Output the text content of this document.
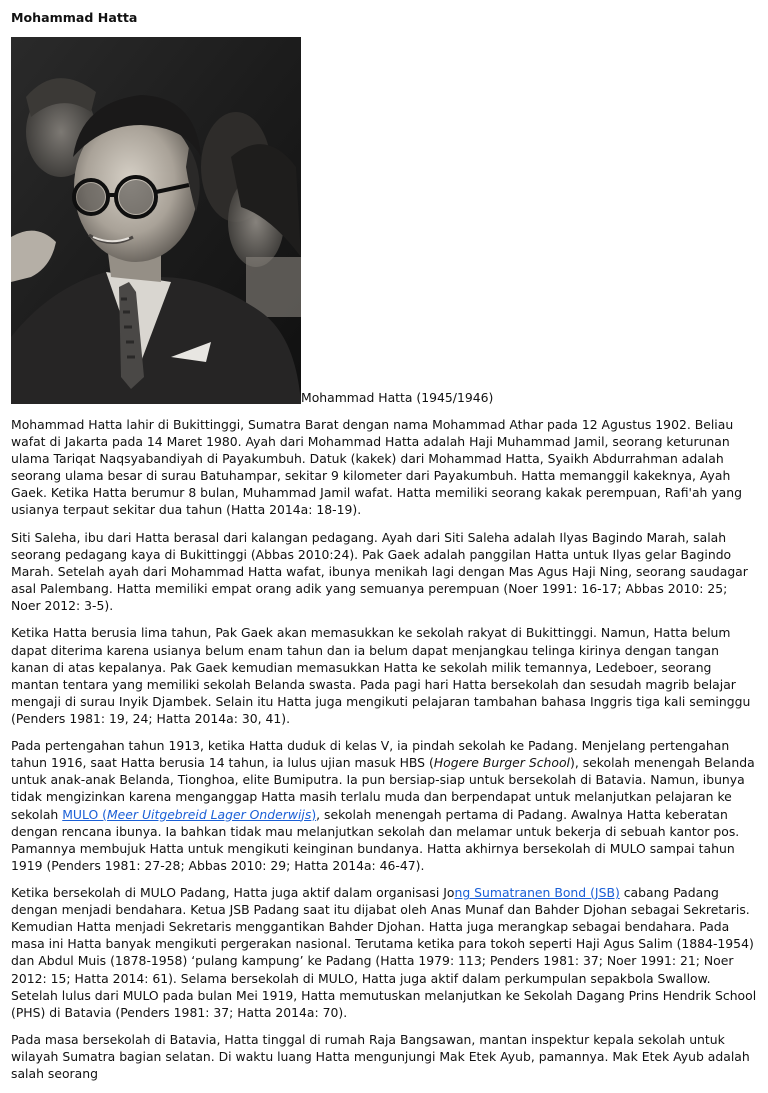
Mohammad Hatta
Mohammad Hatta (1945/1946)

Mohammad Hatta lahir di Bukittinggi, Sumatra Barat dengan nama Mohammad Athar pada 12 Agustus 1902. Beliau wafat di Jakarta pada 14 Maret 1980. Ayah dari Mohammad Hatta adalah Haji Muhammad Jamil, seorang keturunan ulama Tariqat Naqsyabandiyah di Payakumbuh. Datuk (kakek) dari Mohammad Hatta, Syaikh Abdurrahman adalah seorang ulama besar di surau Batuhampar, sekitar 9 kilometer dari Payakumbuh. Hatta memanggil kakeknya, Ayah Gaek. Ketika Hatta berumur 8 bulan, Muhammad Jamil wafat. Hatta memiliki seorang kakak perempuan, Rafi'ah yang usianya terpaut sekitar dua tahun (Hatta 2014a: 18-19).

Siti Saleha, ibu dari Hatta berasal dari kalangan pedagang. Ayah dari Siti Saleha adalah Ilyas Bagindo Marah, salah seorang pedagang kaya di Bukittinggi (Abbas 2010:24). Pak Gaek adalah panggilan Hatta untuk Ilyas gelar Bagindo Marah. Setelah ayah dari Mohammad Hatta wafat, ibunya menikah lagi dengan Mas Agus Haji Ning, seorang saudagar asal Palembang. Hatta memiliki empat orang adik yang semuanya perempuan (Noer 1991: 16-17; Abbas 2010: 25; Noer 2012: 3-5).

Ketika Hatta berusia lima tahun, Pak Gaek akan memasukkan ke sekolah rakyat di Bukittinggi. Namun, Hatta belum dapat diterima karena usianya belum enam tahun dan ia belum dapat menjangkau telinga kirinya dengan tangan kanan di atas kepalanya. Pak Gaek kemudian memasukkan Hatta ke sekolah milik temannya, Ledeboer, seorang mantan tentara yang memiliki sekolah Belanda swasta. Pada pagi hari Hatta bersekolah dan sesudah magrib belajar mengaji di surau Inyik Djambek. Selain itu Hatta juga mengikuti pelajaran tambahan bahasa Inggris tiga kali seminggu (Penders 1981: 19, 24; Hatta 2014a: 30, 41).

Pada pertengahan tahun 1913, ketika Hatta duduk di kelas V, ia pindah sekolah ke Padang. Menjelang pertengahan tahun 1916, saat Hatta berusia 14 tahun, ia lulus ujian masuk HBS (Hogere Burger School), sekolah menengah Belanda untuk anak-anak Belanda, Tionghoa, elite Bumiputra. Ia pun bersiap-siap untuk bersekolah di Batavia. Namun, ibunya tidak mengizinkan karena menganggap Hatta masih terlalu muda dan berpendapat untuk melanjutkan pelajaran ke sekolah MULO (Meer Uitgebreid Lager Onderwijs), sekolah menengah pertama di Padang. Awalnya Hatta keberatan dengan rencana ibunya. Ia bahkan tidak mau melanjutkan sekolah dan melamar untuk bekerja di sebuah kantor pos. Pamannya membujuk Hatta untuk mengikuti keinginan bundanya. Hatta akhirnya bersekolah di MULO sampai tahun 1919 (Penders 1981: 27-28; Abbas 2010: 29; Hatta 2014a: 46-47).

Ketika bersekolah di MULO Padang, Hatta juga aktif dalam organisasi Jong Sumatranen Bond (JSB) cabang Padang dengan menjadi bendahara. Ketua JSB Padang saat itu dijabat oleh Anas Munaf dan Bahder Djohan sebagai Sekretaris. Kemudian Hatta menjadi Sekretaris menggantikan Bahder Djohan. Hatta juga merangkap sebagai bendahara. Pada masa ini Hatta banyak mengikuti pergerakan nasional. Terutama ketika para tokoh seperti Haji Agus Salim (1884-1954) dan Abdul Muis (1878-1958) ‘pulang kampung’ ke Padang (Hatta 1979: 113; Penders 1981: 37; Noer 1991: 21; Noer 2012: 15; Hatta 2014: 61). Selama bersekolah di MULO, Hatta juga aktif dalam perkumpulan sepakbola Swallow. Setelah lulus dari MULO pada bulan Mei 1919, Hatta memutuskan melanjutkan ke Sekolah Dagang Prins Hendrik School (PHS) di Batavia (Penders 1981: 37; Hatta 2014a: 70).

Pada masa bersekolah di Batavia, Hatta tinggal di rumah Raja Bangsawan, mantan inspektur kepala sekolah untuk wilayah Sumatra bagian selatan. Di waktu luang Hatta mengunjungi Mak Etek Ayub, pamannya. Mak Etek Ayub adalah salah seorang
